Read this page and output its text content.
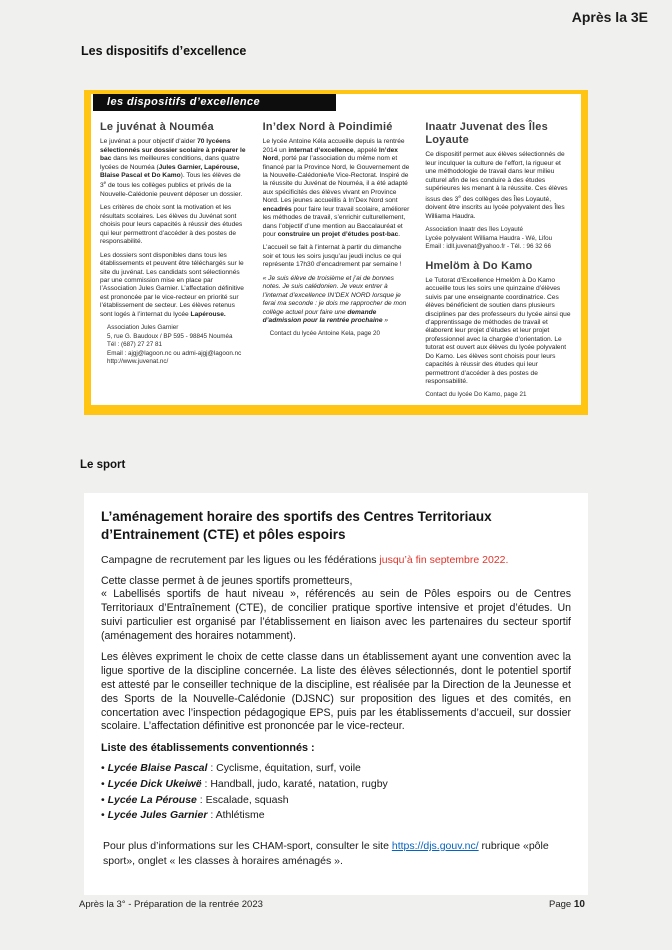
Après la 3E
Les dispositifs d’excellence
les dispositifs d’excellence
Le juvénat à Nouméa

Le juvénat a pour objectif d’aider 70 lycéens sélectionnés sur dossier scolaire à préparer le bac dans les meilleures conditions, dans quatre lycées de Nouméa (Jules Garnier, Lapérouse, Blaise Pascal et Do Kamo). Tous les élèves de 3e de tous les collèges publics et privés de la Nouvelle-Calédonie peuvent déposer un dossier.

Les critères de choix sont la motivation et les résultats scolaires. Les élèves du Juvénat sont choisis pour leurs capacités à réussir des études qui leur permettront d’accéder à des postes de responsabilité.

Les dossiers sont disponibles dans tous les établissements et peuvent être téléchargés sur le site du juvénat. Les candidats sont sélectionnés par une commission mise en place par l’Association Jules Garnier. L’affectation définitive est prononcée par le vice-recteur en priorité sur l’établissement de secteur. Les élèves retenus sont logés à l’internat du lycée Lapérouse.

Association Jules Garnier
5, rue G. Baudoux / BP 595 - 98845 Nouméa
Tél : (687) 27 27 81
Email : ajgj@lagoon.nc ou admi-ajgj@lagoon.nc
http://www.juvenat.nc/
In’dex Nord à Poindimié

Le lycée Antoine Kéla accueille depuis la rentrée 2014 un internat d’excellence, appelé In’dex Nord, porté par l’association du même nom et financé par la Province Nord, le Gouvernement de la Nouvelle-Calédonie/le Vice-Rectorat. Inspiré de la réussite du Juvénat de Nouméa, il a été adapté aux spécificités des élèves vivant en Province Nord. Les jeunes accueillis à In’Dex Nord sont encadrés pour faire leur travail scolaire, améliorer les méthodes de travail, s’enrichir culturellement, dans l’objectif d’une mention au Baccalauréat et pour construire un projet d’études post-bac.

L’accueil se fait à l’internat à partir du dimanche soir et tous les soirs jusqu’au jeudi inclus ce qui représente 17h30 d’encadrement par semaine !

« Je suis élève de troisième et j’ai de bonnes notes. Je suis calédonien. Je veux entrer à l’internat d’excellence IN’DEX NORD lorsque je ferai ma seconde : je dois me rapprocher de mon collège actuel pour faire une demande d’admission pour la rentrée prochaine »

Contact du lycée Antoine Kela, page 20
Inaatr Juvenat des Îles Loyaute

Ce dispositif permet aux élèves sélectionnés de leur inculquer la culture de l’effort, la rigueur et une méthodologie de travail dans leur milieu culturel afin de les conduire à des études supérieures les menant à la réussite. Ces élèves issus des 3e des collèges des Îles Loyauté, doivent être inscrits au lycée polyvalent des Îles Williama Haudra.

Association Inaatr des Îles Loyauté
Lycée polyvalent Williama Haudra - Wé, Lifou
Email : idll.juvenat@yahoo.fr - Tél. : 96 32 66
Hmelöm à Do Kamo

Le Tutorat d’Excellence Hmelöm à Do Kamo accueille tous les soirs une quinzaine d’élèves suivis par une enseignante coordinatrice. Ces élèves bénéficient de soutien dans plusieurs disciplines par des professeurs du lycée ainsi que d’apprentissage de méthodes de travail et élaborent leur projet d’études et leur projet professionnel avec la chargée d’orientation. Le tutorat est ouvert aux élèves du lycée polyvalent Do Kamo. Les élèves sont choisis pour leurs capacités à réussir des études qui leur permettront d’accéder à des postes de responsabilité.

Contact du lycée Do Kamo, page 21
Le sport
L’aménagement horaire des sportifs des Centres Territoriaux d’Entrainement (CTE) et pôles espoirs

Campagne de recrutement par les ligues ou les fédérations jusqu’à fin septembre 2022.

Cette classe permet à de jeunes sportifs prometteurs,
« Labellisés sportifs de haut niveau », référencés au sein de Pôles espoirs ou de Centres Territoriaux d’Entraînement (CTE), de concilier pratique sportive intensive et projet d’études. Un suivi particulier est organisé par l’établissement en liaison avec les partenaires du secteur sportif (aménagement des horaires notamment).

Les élèves expriment le choix de cette classe dans un établissement ayant une convention avec la ligue sportive de la discipline concernée. La liste des élèves sélectionnés, dont le potentiel sportif est attesté par le conseiller technique de la discipline, est réalisée par la Direction de la Jeunesse et des Sports de la Nouvelle-Calédonie (DJSNC) sur proposition des ligues et des comités, en concertation avec l’inspection pédagogique EPS, puis par les établissements d’accueil, sur dossier scolaire. L’affectation définitive est prononcée par le vice-recteur.

Liste des établissements conventionnés :

• Lycée Blaise Pascal : Cyclisme, équitation, surf, voile
• Lycée Dick Ukeiwë : Handball, judo, karaté, natation, rugby
• Lycée La Pérouse : Escalade, squash
• Lycée Jules Garnier : Athlétisme

Pour plus d’informations sur les CHAM-sport, consulter le site https://djs.gouv.nc/ rubrique «pôle sport», onglet « les classes à horaires aménagés ».

Après la 3° - Préparation de la rentrée 2023	Page 10
